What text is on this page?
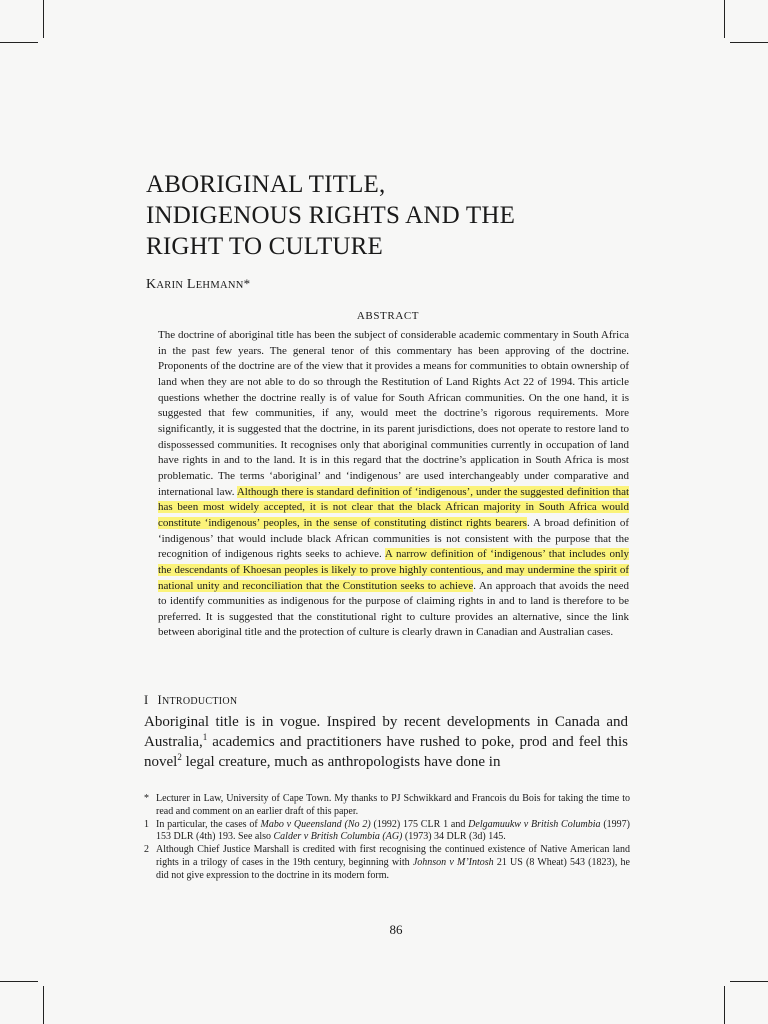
ABORIGINAL TITLE,
INDIGENOUS RIGHTS AND THE
RIGHT TO CULTURE
KARIN LEHMANN*
ABSTRACT

The doctrine of aboriginal title has been the subject of considerable academic commentary in South Africa in the past few years. The general tenor of this commentary has been approving of the doctrine. Proponents of the doctrine are of the view that it provides a means for communities to obtain ownership of land when they are not able to do so through the Restitution of Land Rights Act 22 of 1994. This article questions whether the doctrine really is of value for South African communities. On the one hand, it is suggested that few communities, if any, would meet the doctrine’s rigorous requirements. More significantly, it is suggested that the doctrine, in its parent jurisdictions, does not operate to restore land to dispossessed communities. It recognises only that aboriginal communities currently in occupation of land have rights in and to the land. It is in this regard that the doctrine’s application in South Africa is most problematic. The terms ‘aboriginal’ and ‘indigenous’ are used interchangeably under comparative and international law. Although there is standard definition of ‘indigenous’, under the suggested definition that has been most widely accepted, it is not clear that the black African majority in South Africa would constitute ‘indigenous’ peoples, in the sense of constituting distinct rights bearers. A broad definition of ‘indigenous’ that would include black African communities is not consistent with the purpose that the recognition of indigenous rights seeks to achieve. A narrow definition of ‘indigenous’ that includes only the descendants of Khoesan peoples is likely to prove highly contentious, and may undermine the spirit of national unity and reconciliation that the Constitution seeks to achieve. An approach that avoids the need to identify communities as indigenous for the purpose of claiming rights in and to land is therefore to be preferred. It is suggested that the constitutional right to culture provides an alternative, since the link between aboriginal title and the protection of culture is clearly drawn in Canadian and Australian cases.

I INTRODUCTION

Aboriginal title is in vogue. Inspired by recent developments in Canada and Australia,$^1$ academics and practitioners have rushed to poke, prod and feel this novel$^2$ legal creature, much as anthropologists have done in

* Lecturer in Law, University of Cape Town. My thanks to PJ Schwikkard and Francois du Bois for taking the time to read and comment on an earlier draft of this paper.

1 In particular, the cases of Mabo v Queensland (No 2) (1992) 175 CLR 1 and Delgamuukw v British Columbia (1997) 153 DLR (4th) 193. See also Calder v British Columbia (AG) (1973) 34 DLR (3d) 145.

2 Although Chief Justice Marshall is credited with first recognising the continued existence of Native American land rights in a trilogy of cases in the 19th century, beginning with Johnson v M’Intosh 21 US (8 Wheat) 543 (1823), he did not give expression to the doctrine in its modern form.

86
